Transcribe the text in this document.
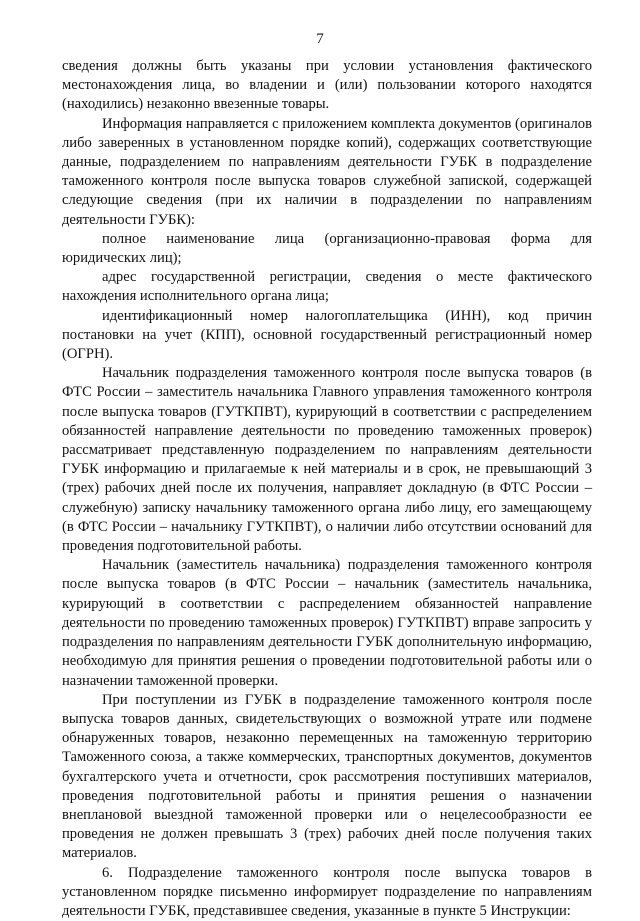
7

сведения должны быть указаны при условии установления фактического местонахождения лица, во владении и (или) пользовании которого находятся (находились) незаконно ввезенные товары.

Информация направляется с приложением комплекта документов (оригиналов либо заверенных в установленном порядке копий), содержащих соответствующие данные, подразделением по направлениям деятельности ГУБК в подразделение таможенного контроля после выпуска товаров служебной запиской, содержащей следующие сведения (при их наличии в подразделении по направлениям деятельности ГУБК):

полное наименование лица (организационно-правовая форма для юридических лиц);

адрес государственной регистрации, сведения о месте фактического нахождения исполнительного органа лица;

идентификационный номер налогоплательщика (ИНН), код причин постановки на учет (КПП), основной государственный регистрационный номер (ОГРН).

Начальник подразделения таможенного контроля после выпуска товаров (в ФТС России – заместитель начальника Главного управления таможенного контроля после выпуска товаров (ГУТКПВТ), курирующий в соответствии с распределением обязанностей направление деятельности по проведению таможенных проверок) рассматривает представленную подразделением по направлениям деятельности ГУБК информацию и прилагаемые к ней материалы и в срок, не превышающий 3 (трех) рабочих дней после их получения, направляет докладную (в ФТС России – служебную) записку начальнику таможенного органа либо лицу, его замещающему (в ФТС России – начальнику ГУТКПВТ), о наличии либо отсутствии оснований для проведения подготовительной работы.

Начальник (заместитель начальника) подразделения таможенного контроля после выпуска товаров (в ФТС России – начальник (заместитель начальника, курирующий в соответствии с распределением обязанностей направление деятельности по проведению таможенных проверок) ГУТКПВТ) вправе запросить у подразделения по направлениям деятельности ГУБК дополнительную информацию, необходимую для принятия решения о проведении подготовительной работы или о назначении таможенной проверки.

При поступлении из ГУБК в подразделение таможенного контроля после выпуска товаров данных, свидетельствующих о возможной утрате или подмене обнаруженных товаров, незаконно перемещенных на таможенную территорию Таможенного союза, а также коммерческих, транспортных документов, документов бухгалтерского учета и отчетности, срок рассмотрения поступивших материалов, проведения подготовительной работы и принятия решения о назначении внеплановой выездной таможенной проверки или о нецелесообразности ее проведения не должен превышать 3 (трех) рабочих дней после получения таких материалов.

6. Подразделение таможенного контроля после выпуска товаров в установленном порядке письменно информирует подразделение по направлениям деятельности ГУБК, представившее сведения, указанные в пункте 5 Инструкции:
